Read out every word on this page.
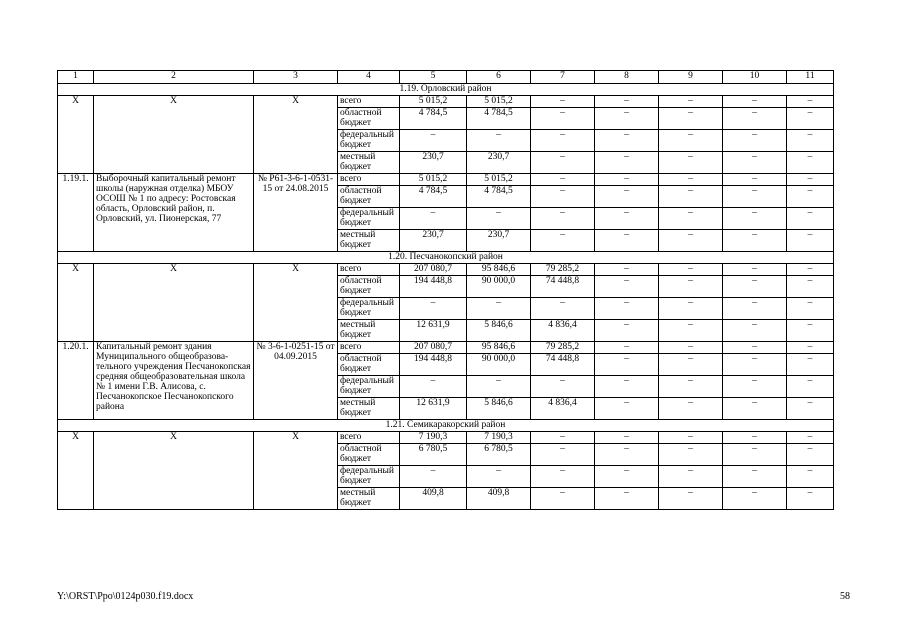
1	2	3	4	5	6	7	8	9	10	11
1.19. Орловский район										
Х	Х	Х	всего	5 015,2	5 015,2	–	–	–	–	–
			областной бюджет	4 784,5	4 784,5	–	–	–	–	–
			федеральный бюджет	–	–	–	–	–	–	–
			местный бюджет	230,7	230,7	–	–	–	–	–
1.19.1.	Выборочный капитальный ремонт школы (наружная отделка) МБОУ ОСОШ № 1 по адресу: Ростовская область, Орловский район, п. Орловский, ул. Пионерская, 77	№ Р61-3-6-1-0531-15 от 24.08.2015	всего	5 015,2	5 015,2	–	–	–	–	–
			областной бюджет	4 784,5	4 784,5	–	–	–	–	–
			федеральный бюджет	–	–	–	–	–	–	–
			местный бюджет	230,7	230,7	–	–	–	–	–
1.20. Песчанокопский район										
Х	Х	Х	всего	207 080,7	95 846,6	79 285,2	–	–	–	–
			областной бюджет	194 448,8	90 000,0	74 448,8	–	–	–	–
			федеральный бюджет	–	–	–	–	–	–	–
			местный бюджет	12 631,9	5 846,6	4 836,4	–	–	–	–
1.20.1.	Капитальный ремонт здания Муниципального общеобразова-тельного учреждения Песчанокопская средняя общеобразовательная школа № 1 имени Г.В. Алисова, с. Песчанокопское Песчанокопского района	№ 3-6-1-0251-15 от 04.09.2015	всего	207 080,7	95 846,6	79 285,2	–	–	–	–
			областной бюджет	194 448,8	90 000,0	74 448,8	–	–	–	–
			федеральный бюджет	–	–	–	–	–	–	–
			местный бюджет	12 631,9	5 846,6	4 836,4	–	–	–	–
1.21. Семикаракорский район										
Х	Х	Х	всего	7 190,3	7 190,3	–	–	–	–	–
			областной бюджет	6 780,5	6 780,5	–	–	–	–	–
			федеральный бюджет	–	–	–	–	–	–	–
			местный бюджет	409,8	409,8	–	–	–	–	–
Y:\ORST\Ppo\0124p030.f19.docx	58
